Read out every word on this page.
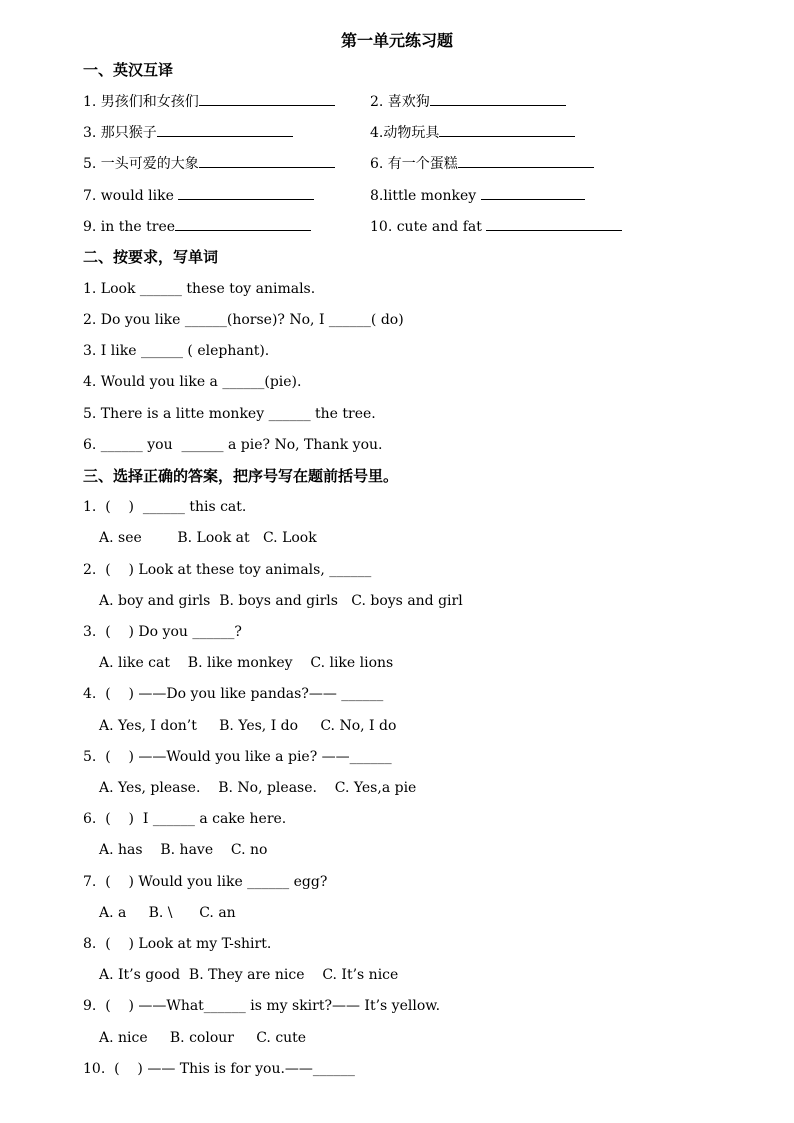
第一单元练习题
一、英汉互译
1. 男孩们和女孩们	2. 喜欢狗
3. 那只猴子	4.动物玩具
5. 一头可爱的大象	6. 有一个蛋糕
7. would like	8.little monkey
9. in the tree	10. cute and fat
二、按要求，写单词
1. Look ______ these toy animals.
2. Do you like ______(horse)? No, I ______( do)
3. I like ______ ( elephant).
4. Would you like a ______(pie).
5. There is a litte monkey ______ the tree.
6. ______ you  ______ a pie? No, Thank you.
三、选择正确的答案，把序号写在题前括号里。
1.  (    )  ______ this cat.
A. see        B. Look at   C. Look
2.  (    ) Look at these toy animals, ______
A. boy and girls  B. boys and girls   C. boys and girl
3.  (    ) Do you ______?
A. like cat    B. like monkey    C. like lions
4.  (    ) ——Do you like pandas?—— ______
A. Yes, I don’t     B. Yes, I do     C. No, I do
5.  (    ) ——Would you like a pie? ——______
A. Yes, please.    B. No, please.    C. Yes,a pie
6.  (    )  I ______ a cake here.
A. has    B. have    C. no
7.  (    ) Would you like ______ egg?
A. a     B. \      C. an
8.  (    ) Look at my T-shirt.
A. It’s good  B. They are nice    C. It’s nice
9.  (    ) ——What______ is my skirt?—— It’s yellow.
A. nice     B. colour     C. cute
10.  (    ) —— This is for you.——______
